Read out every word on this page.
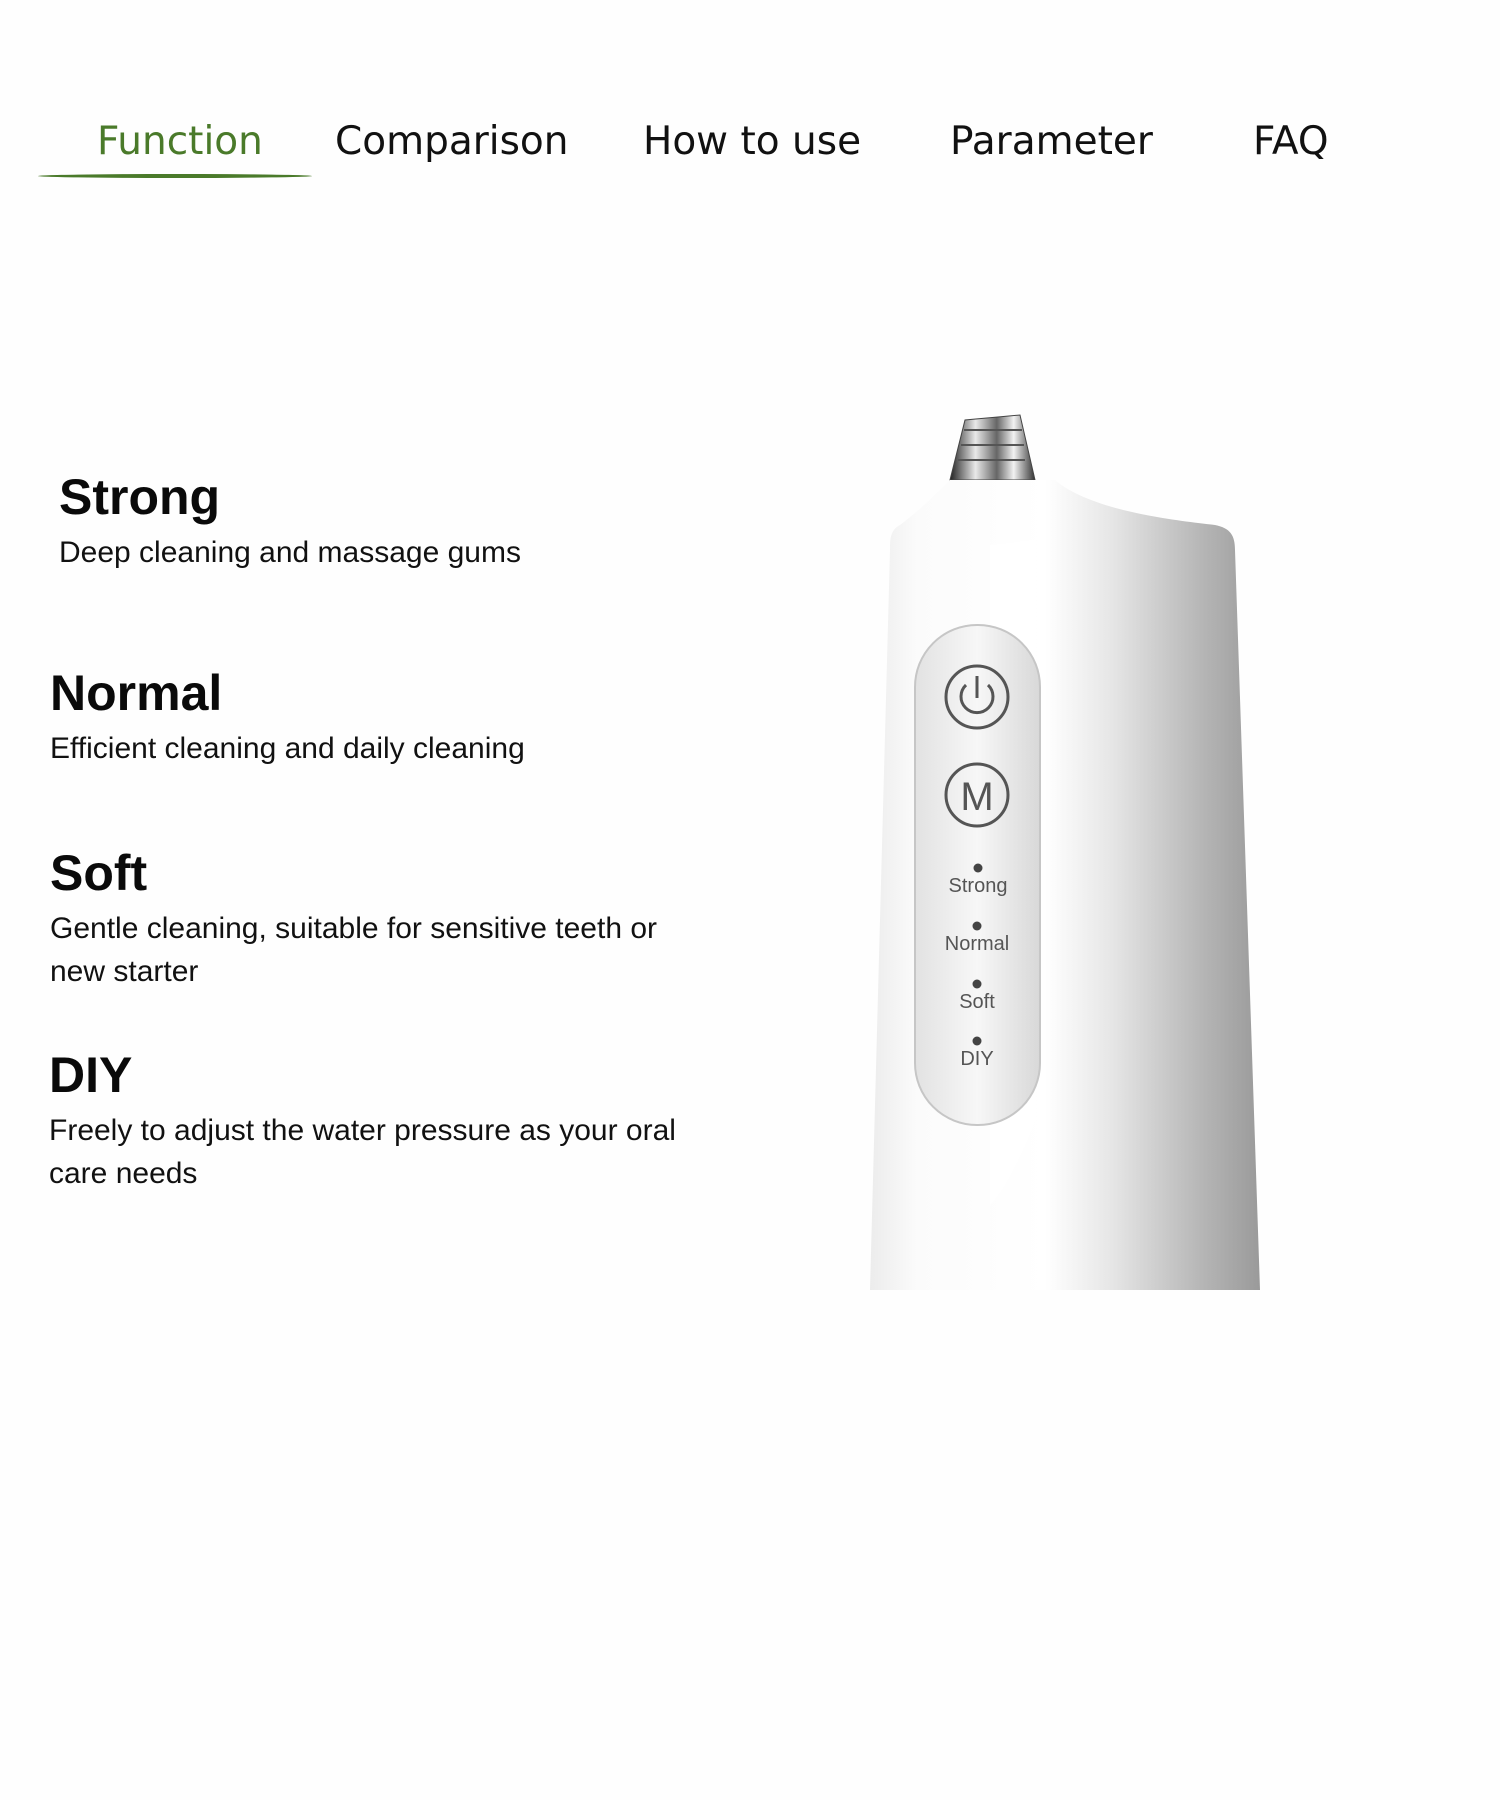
Function Comparison How to use Parameter	FAQ
Strong

Deep cleaning and massage gums

Normal

Efficient cleaning and daily cleaning

Soft

Gentle cleaning, suitable for sensitive teeth or new starter

DIY

Freely to adjust the water pressure as your oral care needs

M
Strong
Normal
Soft
DIY
